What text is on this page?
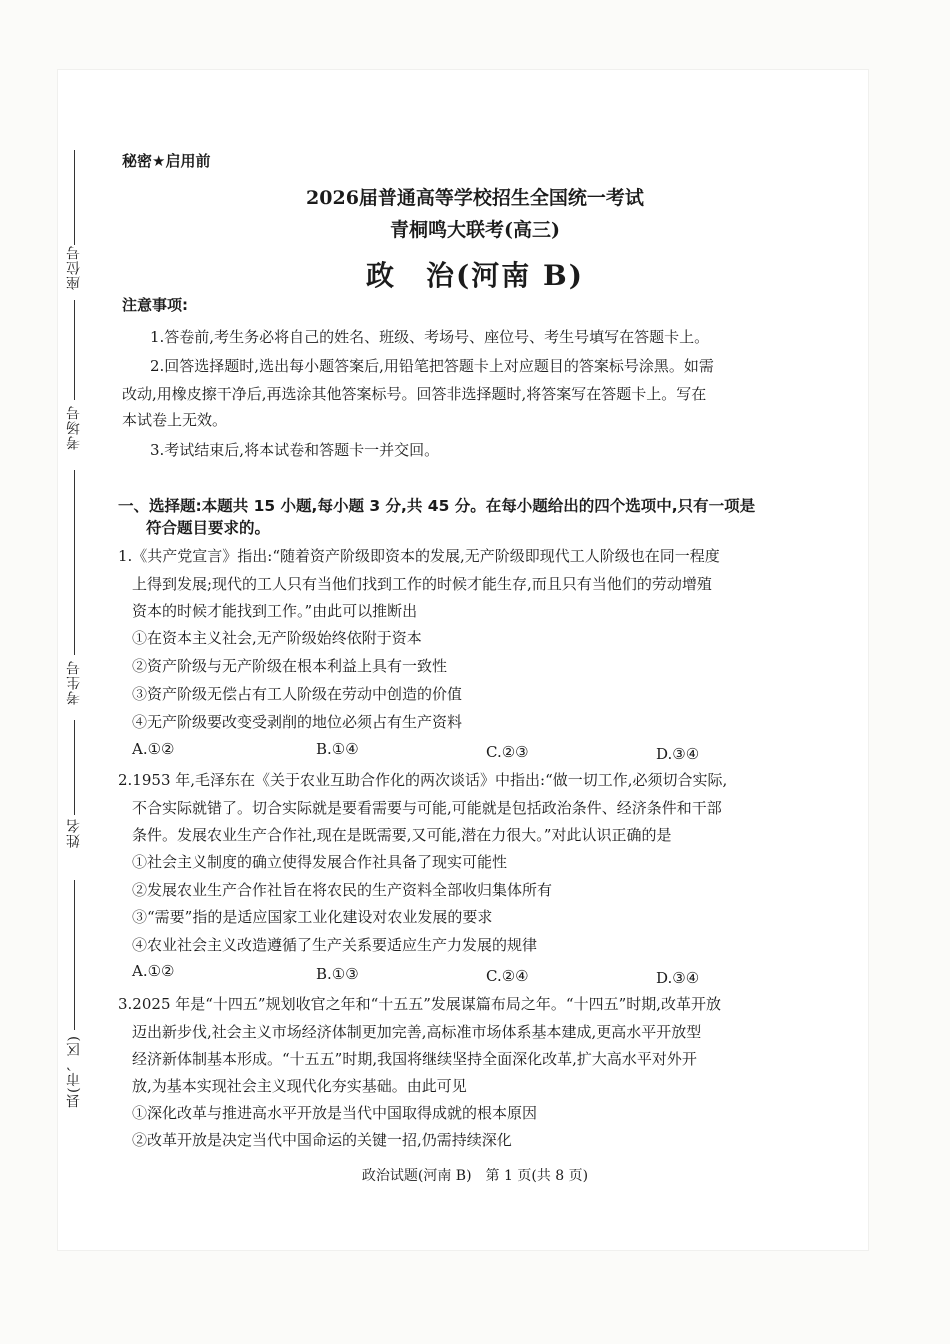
座位号
考场号
考生号
姓名
县(市、区)
秘密★启用前
2026届普通高等学校招生全国统一考试
青桐鸣大联考(高三)
政　治(河南 B)
注意事项:
1.答卷前,考生务必将自己的姓名、班级、考场号、座位号、考生号填写在答题卡上。
2.回答选择题时,选出每小题答案后,用铅笔把答题卡上对应题目的答案标号涂黑。如需
改动,用橡皮擦干净后,再选涂其他答案标号。回答非选择题时,将答案写在答题卡上。写在
本试卷上无效。
3.考试结束后,将本试卷和答题卡一并交回。
一、选择题:本题共 15 小题,每小题 3 分,共 45 分。在每小题给出的四个选项中,只有一项是
符合题目要求的。
1.《共产党宣言》指出:“随着资产阶级即资本的发展,无产阶级即现代工人阶级也在同一程度
上得到发展;现代的工人只有当他们找到工作的时候才能生存,而且只有当他们的劳动增殖
资本的时候才能找到工作。”由此可以推断出
①在资本主义社会,无产阶级始终依附于资本
②资产阶级与无产阶级在根本利益上具有一致性
③资产阶级无偿占有工人阶级在劳动中创造的价值
④无产阶级要改变受剥削的地位必须占有生产资料
A.①②	B.①④	C.②③	D.③④
2.1953 年,毛泽东在《关于农业互助合作化的两次谈话》中指出:“做一切工作,必须切合实际,
不合实际就错了。切合实际就是要看需要与可能,可能就是包括政治条件、经济条件和干部
条件。发展农业生产合作社,现在是既需要,又可能,潜在力很大。”对此认识正确的是
①社会主义制度的确立使得发展合作社具备了现实可能性
②发展农业生产合作社旨在将农民的生产资料全部收归集体所有
③“需要”指的是适应国家工业化建设对农业发展的要求
④农业社会主义改造遵循了生产关系要适应生产力发展的规律
A.①②	B.①③	C.②④	D.③④
3.2025 年是“十四五”规划收官之年和“十五五”发展谋篇布局之年。“十四五”时期,改革开放
迈出新步伐,社会主义市场经济体制更加完善,高标准市场体系基本建成,更高水平开放型
经济新体制基本形成。“十五五”时期,我国将继续坚持全面深化改革,扩大高水平对外开
放,为基本实现社会主义现代化夯实基础。由此可见
①深化改革与推进高水平开放是当代中国取得成就的根本原因
②改革开放是决定当代中国命运的关键一招,仍需持续深化
政治试题(河南 B)　第 1 页(共 8 页)
